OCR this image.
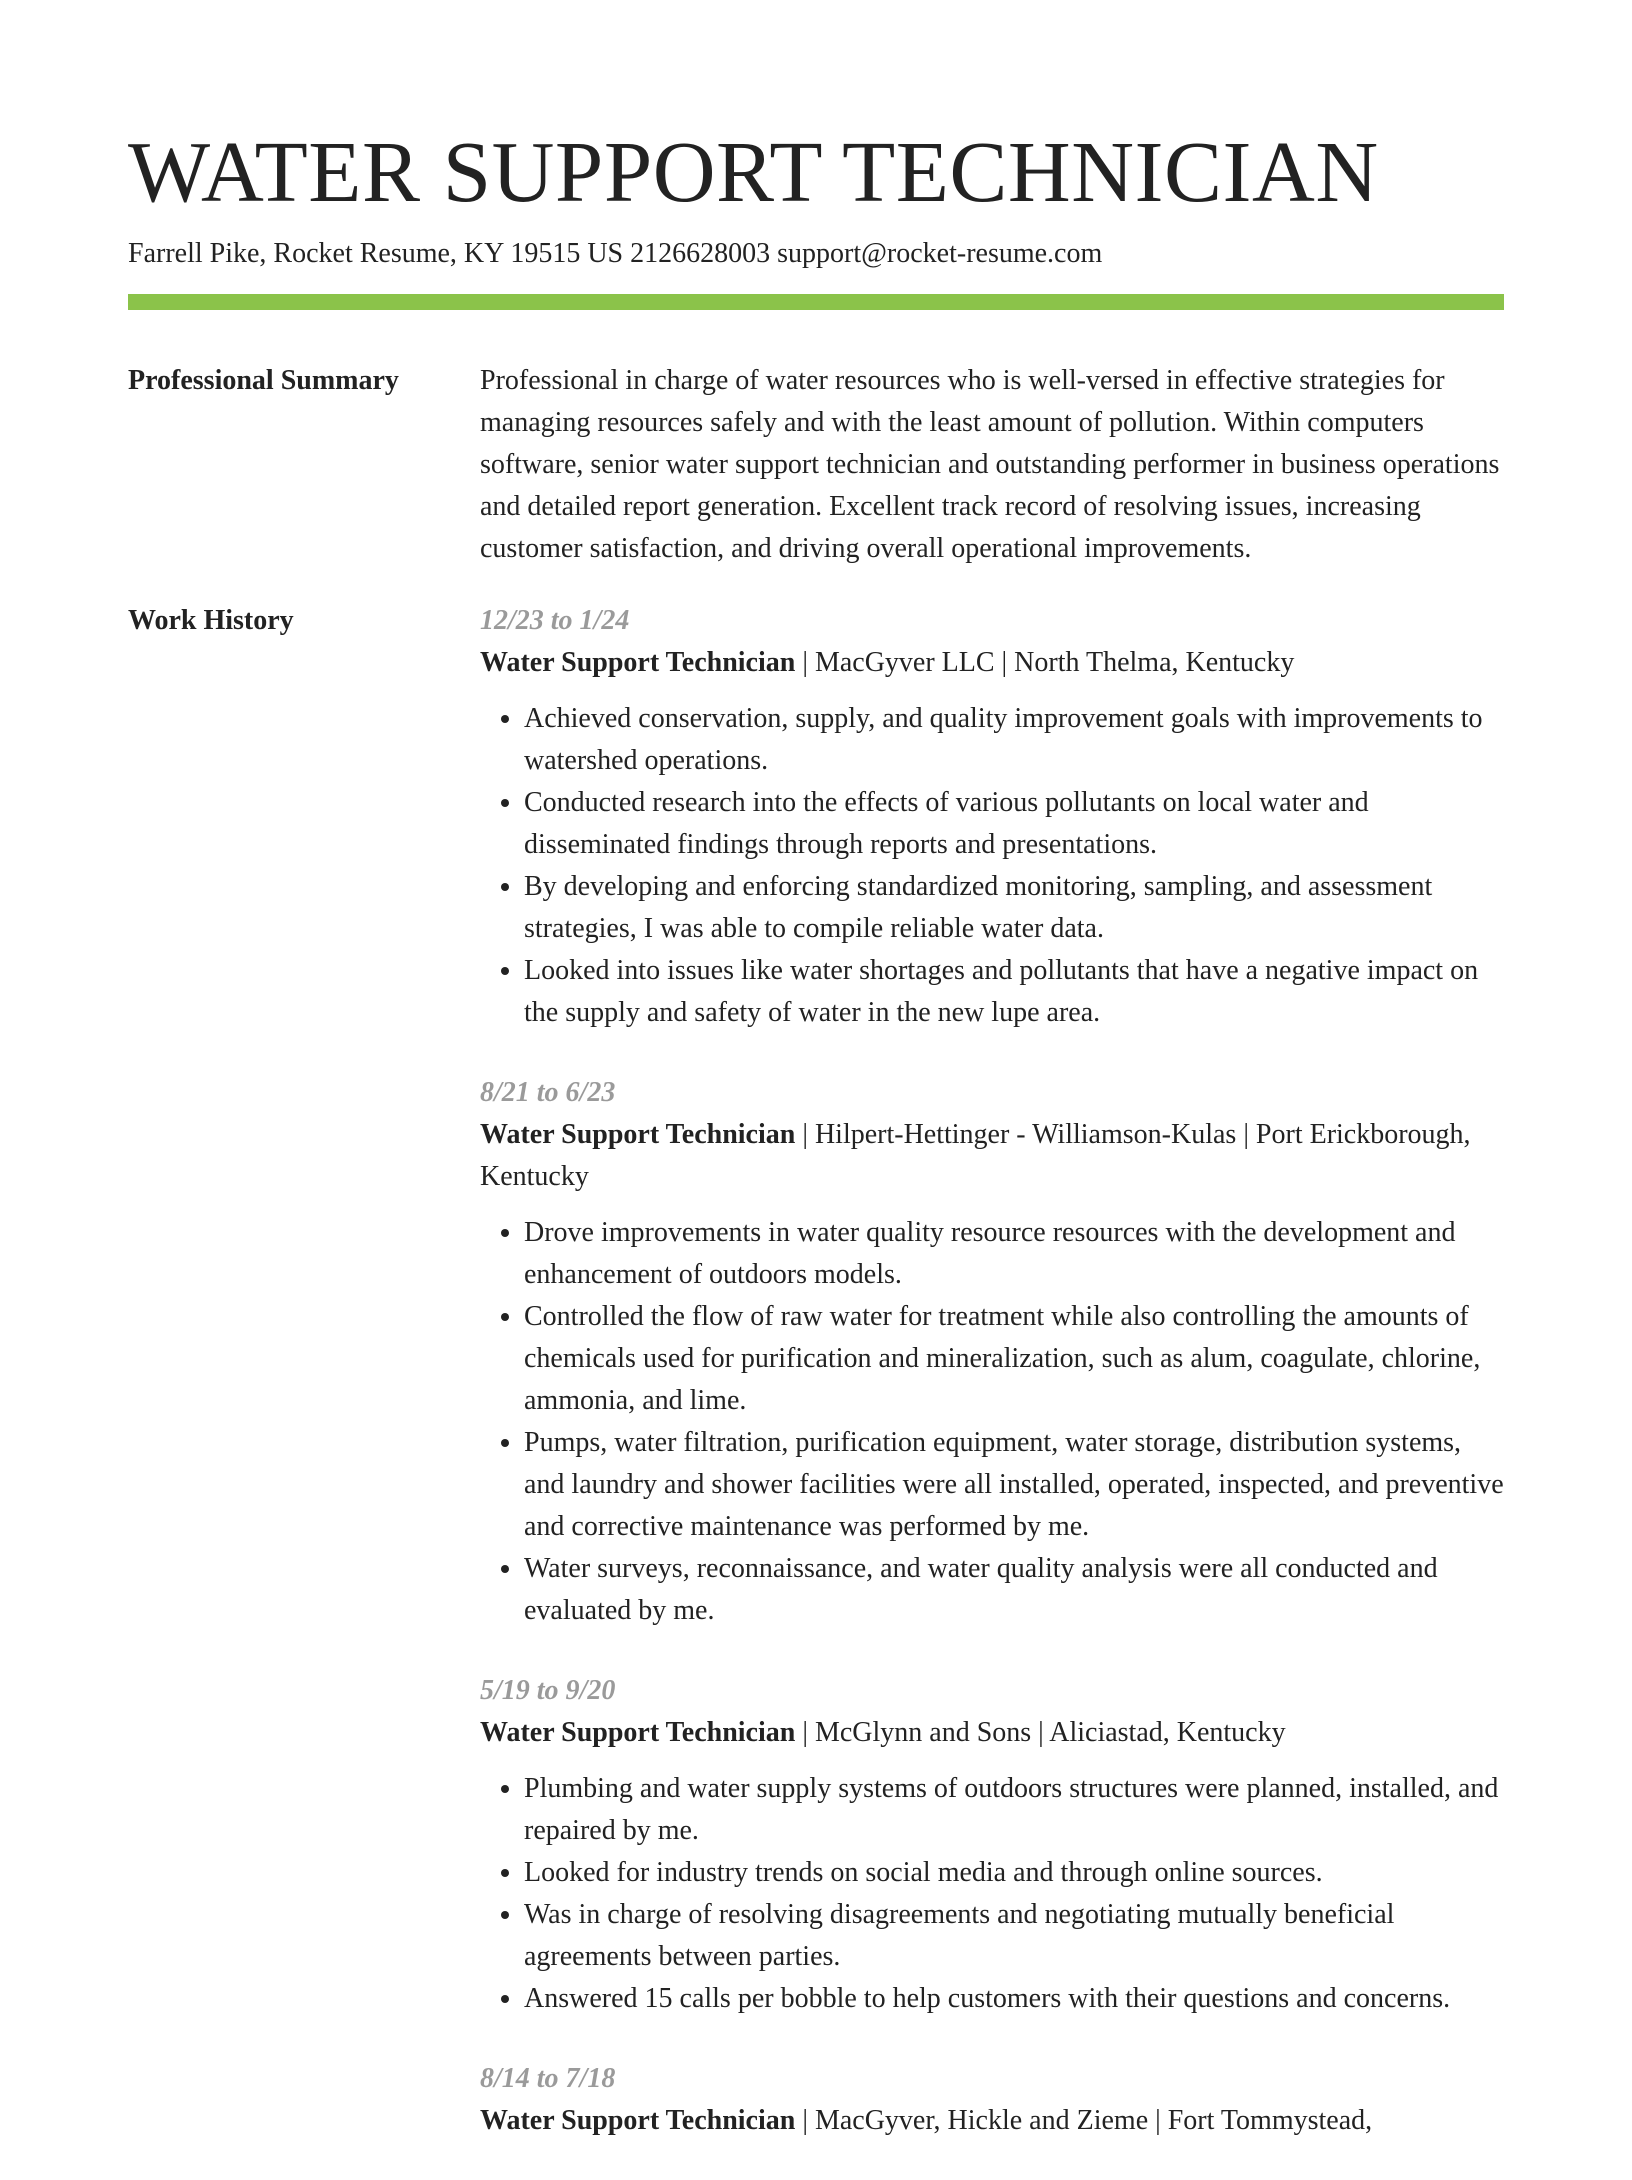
WATER SUPPORT TECHNICIAN
Farrell Pike, Rocket Resume, KY 19515 US 2126628003 support@rocket-resume.com
Professional Summary	Professional in charge of water resources who is well-versed in effective strategies for managing resources safely and with the least amount of pollution. Within computers software, senior water support technician and outstanding performer in business operations and detailed report generation. Excellent track record of resolving issues, increasing customer satisfaction, and driving overall operational improvements.

Work History	12/23 to 1/24

Water Support Technician | MacGyver LLC | North Thelma, Kentucky

• Achieved conservation, supply, and quality improvement goals with improvements to watershed operations.
• Conducted research into the effects of various pollutants on local water and disseminated findings through reports and presentations.
• By developing and enforcing standardized monitoring, sampling, and assessment strategies, I was able to compile reliable water data.
• Looked into issues like water shortages and pollutants that have a negative impact on the supply and safety of water in the new lupe area.
8/21 to 6/23

Water Support Technician | Hilpert-Hettinger - Williamson-Kulas | Port Erickborough, Kentucky

• Drove improvements in water quality resource resources with the development and enhancement of outdoors models.
• Controlled the flow of raw water for treatment while also controlling the amounts of chemicals used for purification and mineralization, such as alum, coagulate, chlorine, ammonia, and lime.
• Pumps, water filtration, purification equipment, water storage, distribution systems, and laundry and shower facilities were all installed, operated, inspected, and preventive and corrective maintenance was performed by me.
• Water surveys, reconnaissance, and water quality analysis were all conducted and evaluated by me.
5/19 to 9/20

Water Support Technician | McGlynn and Sons | Aliciastad, Kentucky

• Plumbing and water supply systems of outdoors structures were planned, installed, and repaired by me.
• Looked for industry trends on social media and through online sources.
• Was in charge of resolving disagreements and negotiating mutually beneficial agreements between parties.
• Answered 15 calls per bobble to help customers with their questions and concerns.
8/14 to 7/18

Water Support Technician | MacGyver, Hickle and Zieme | Fort Tommystead,
